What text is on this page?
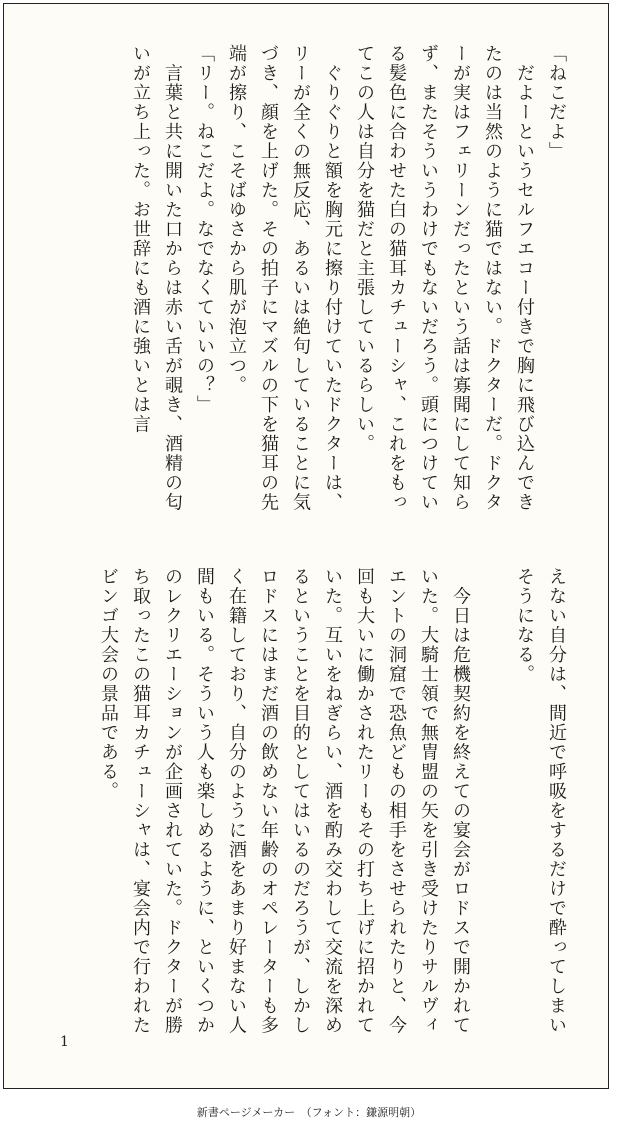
「ねこだよ」
　だよーというセルフエコー付きで胸に飛び込んでき
たのは当然のように猫ではない。ドクターだ。ドクタ
ーが実はフェリーンだったという話は寡聞にして知ら
ず、またそういうわけでもないだろう。頭につけてい
る髪色に合わせた白の猫耳カチューシャ、これをもっ
てこの人は自分を猫だと主張しているらしい。
　ぐりぐりと額を胸元に擦り付けていたドクターは、
リーが全くの無反応、あるいは絶句していることに気
づき、顔を上げた。その拍子にマズルの下を猫耳の先
端が擦り、こそばゆさから肌が泡立つ。
「リー。ねこだよ。なでなくていいの？」
　言葉と共に開いた口からは赤い舌が覗き、酒精の匂
いが立ち上った。お世辞にも酒に強いとは言
えない自分は、間近で呼吸をするだけで酔ってしまい
そうになる。

　今日は危機契約を終えての宴会がロドスで開かれて
いた。大騎士領で無冑盟の矢を引き受けたりサルヴィ
エントの洞窟で恐魚どもの相手をさせられたりと、今
回も大いに働かされたリーもその打ち上げに招かれて
いた。互いをねぎらい、酒を酌み交わして交流を深め
るということを目的としてはいるのだろうが、しかし
ロドスにはまだ酒の飲めない年齢のオペレーターも多
く在籍しており、自分のように酒をあまり好まない人
間もいる。そういう人も楽しめるように、といくつか
のレクリエーションが企画されていた。ドクターが勝
ち取ったこの猫耳カチューシャは、宴会内で行われた
ビンゴ大会の景品である。
1
新書ページメーカー　（フォント：鎌源明朝）
